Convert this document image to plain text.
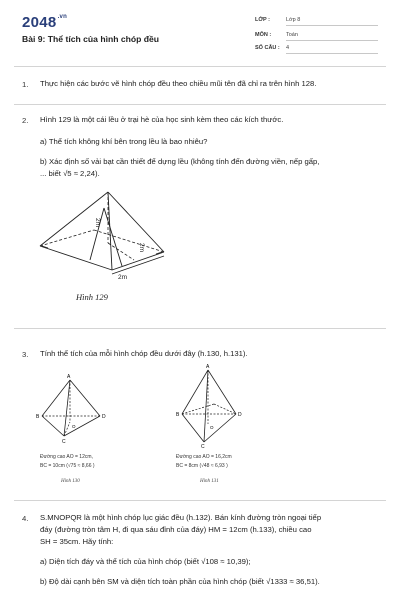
$2048^{.vn}$
Bài 9: Thể tích của hình chóp đều
LỚP :	Lớp 8
MÔN :	Toán
SỐ CÂU : 4
1. Thực hiện các bước vẽ hình chóp đều theo chiều mũi tên đã chỉ ra trên hình 128.
2. Hình 129 là một cái lều ở trại hè của học sinh kèm theo các kích thước.
a) Thể tích không khí bên trong lều là bao nhiêu?
b) Xác định số vải bạt cần thiết để dựng lều (không tính đến đường viền, nếp gấp,
... biết √5 ≈ 2,24).
2m
2m
2m
Hình 129
3. Tính thể tích của mỗi hình chóp đều dưới đây (h.130, h.131).
A
B
C
D
O
Đường cao AO = 12cm,
BC = 10cm (√75 ≈ 8,66 )
Hình 130
A
B
C
D
O
Đường cao AO = 16,2cm
BC = 8cm (√48 ≈ 6,93 )
Hình 131
4. S.MNOPQR là một hình chóp lục giác đều (h.132). Bán kính đường tròn ngoại tiếp
đáy (đường tròn tâm H, đi qua sáu đỉnh của đáy) HM = 12cm (h.133), chiều cao
SH = 35cm. Hãy tính:
a) Diện tích đáy và thể tích của hình chóp (biết √108 ≈ 10,39);
b) Độ dài cạnh bên SM và diện tích toàn phần của hình chóp (biết √1333 ≈ 36,51).
